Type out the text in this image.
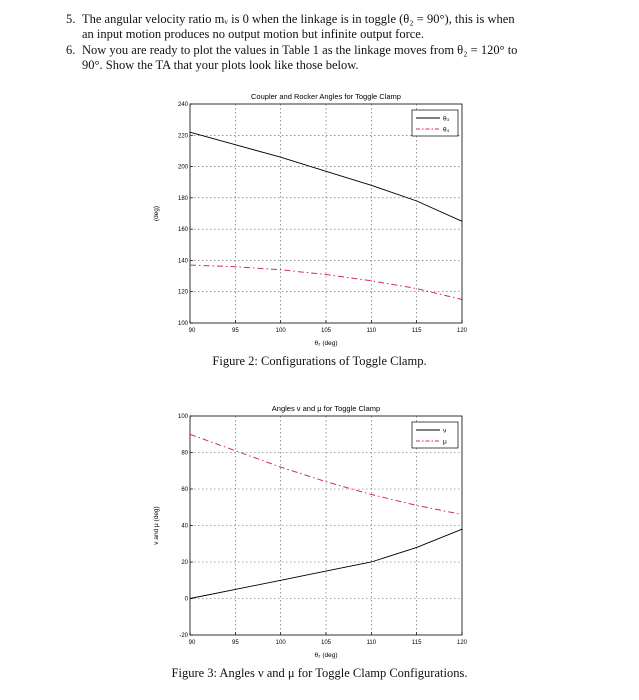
5. The angular velocity ratio mᵥ is 0 when the linkage is in toggle (θ₂ = 90°), this is when
an input motion produces no output motion but infinite output force.
6. Now you are ready to plot the values in Table 1 as the linkage moves from θ₂ = 120° to
90°. Show the TA that your plots look like those below.
Coupler and Rocker Angles for Toggle Clamp
90	95	100	105	110	115	120
100
120
140
160
180
200
220
240
θ₂ (deg)
(deg)
θ₃
θ₄
Figure 2: Configurations of Toggle Clamp.
Angles ν and μ for Toggle Clamp
90	95	100	105	110	115	120
-20
0
20
40
60
80
100
θ₂ (deg)
ν and μ (deg)
ν
μ
Figure 3: Angles ν and μ for Toggle Clamp Configurations.
